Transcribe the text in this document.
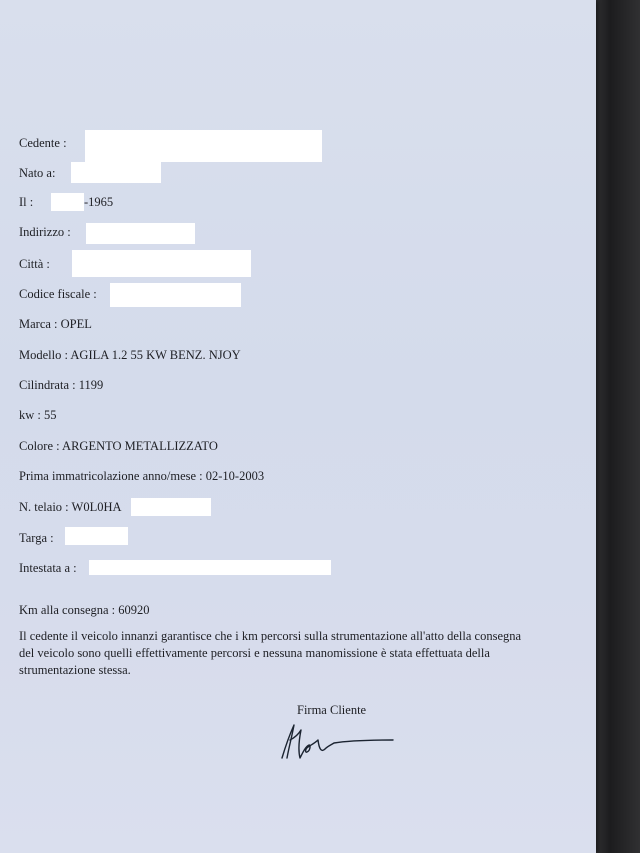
Cedente :
Nato a:
Il :	-1965
Indirizzo :
Città :
Codice fiscale :
Marca : OPEL
Modello : AGILA 1.2 55 KW BENZ. NJOY
Cilindrata : 1199
kw : 55
Colore : ARGENTO METALLIZZATO
Prima immatricolazione anno/mese : 02-10-2003
N. telaio : W0L0HA
Targa :
Intestata a :
Km alla consegna : 60920
Il cedente il veicolo innanzi garantisce che i km percorsi sulla strumentazione all'atto della consegna del veicolo sono quelli effettivamente percorsi e nessuna manomissione è stata effettuata della strumentazione stessa.
Firma Cliente
